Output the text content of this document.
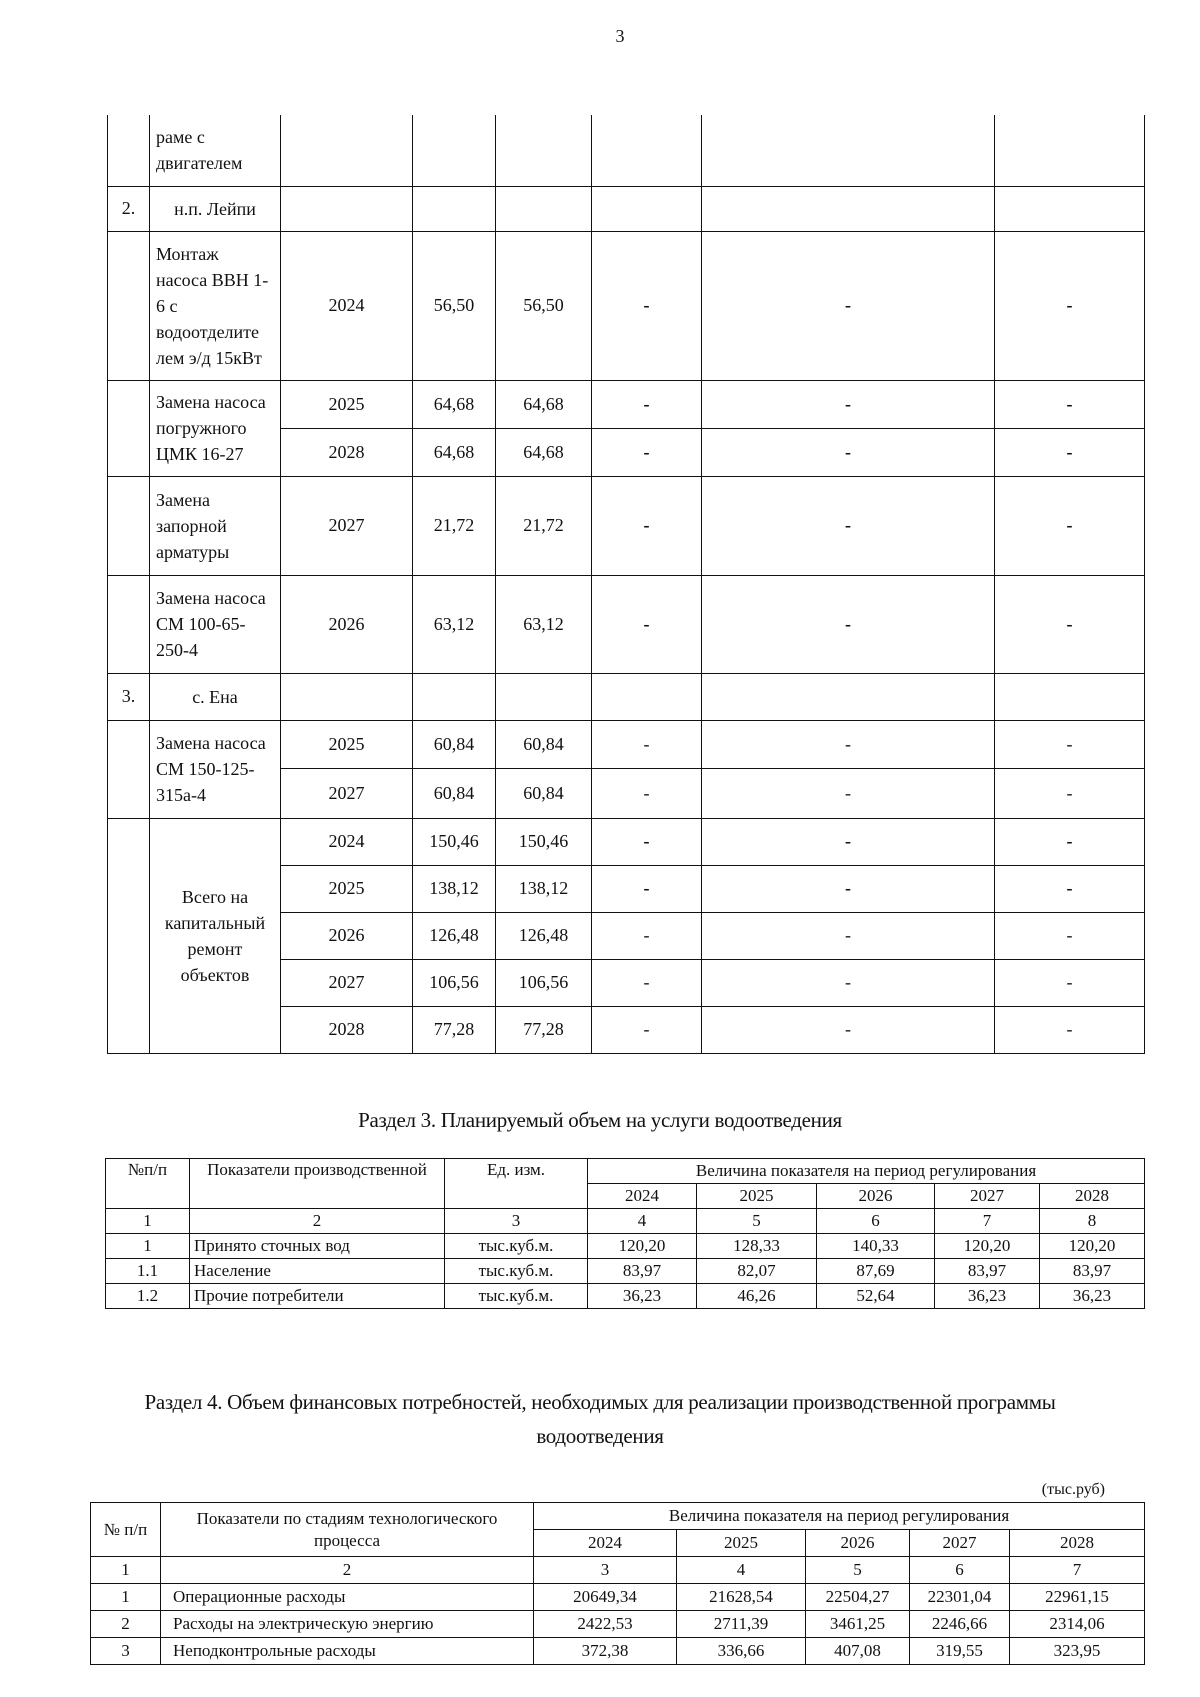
3
	раме с двигателем						
2.	н.п. Лейпи						
	Монтаж насоса ВВН 1-6 с водоотделите лем э/д 15кВт	2024	56,50	56,50	-	-	-
	Замена насоса погружного ЦМК 16-27	2025	64,68	64,68	-	-	-
		2028	64,68	64,68	-	-	-
	Замена запорной арматуры	2027	21,72	21,72	-	-	-
	Замена насоса СМ 100-65-250-4	2026	63,12	63,12	-	-	-
3.	с. Ена						
	Замена насоса СМ 150-125-315а-4	2025	60,84	60,84	-	-	-
		2027	60,84	60,84	-	-	-
	Всего на капитальный ремонт объектов	2024	150,46	150,46	-	-	-
		2025	138,12	138,12	-	-	-
		2026	126,48	126,48	-	-	-
		2027	106,56	106,56	-	-	-
		2028	77,28	77,28	-	-	-
Раздел 3. Планируемый объем на услуги водоотведения
№п/п	Показатели производственной	Ед. изм.	Величина показателя на период регулирования				
			2024	2025	2026	2027	2028
1	2	3	4	5	6	7	8
1	Принято сточных вод	тыс.куб.м.	120,20	128,33	140,33	120,20	120,20
1.1	Население	тыс.куб.м.	83,97	82,07	87,69	83,97	83,97
1.2	Прочие потребители	тыс.куб.м.	36,23	46,26	52,64	36,23	36,23
Раздел 4. Объем финансовых потребностей, необходимых для реализации производственной программы водоотведения
(тыс.руб)
№ п/п	Показатели по стадиям технологического процесса	Величина показателя на период регулирования				
		2024	2025	2026	2027	2028
1	2	3	4	5	6	7
1	Операционные расходы	20649,34	21628,54	22504,27	22301,04	22961,15
2	Расходы на электрическую энергию	2422,53	2711,39	3461,25	2246,66	2314,06
3	Неподконтрольные расходы	372,38	336,66	407,08	319,55	323,95
